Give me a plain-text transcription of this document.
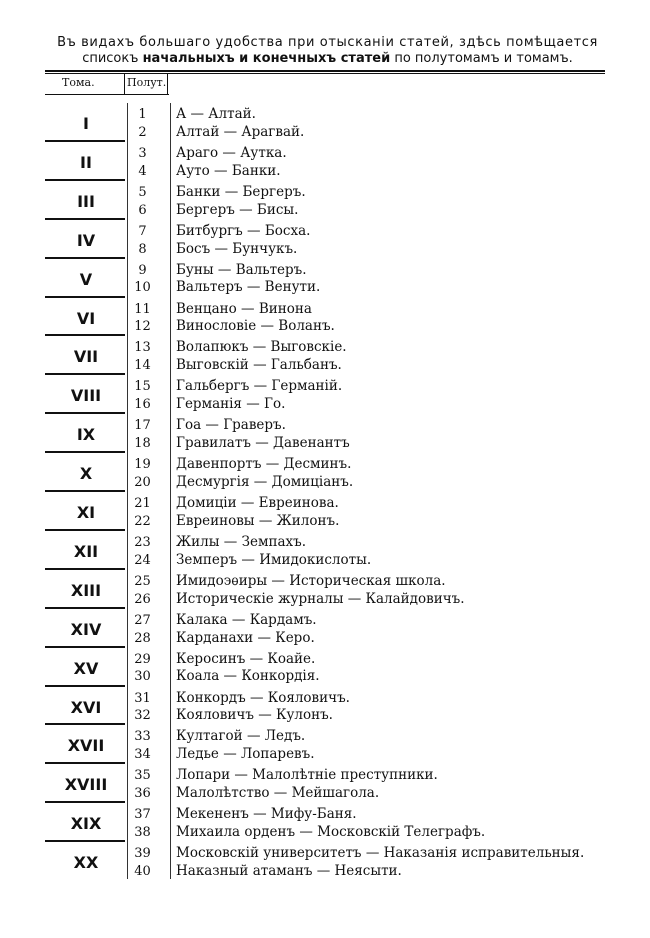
Въ видахъ большаго удобства при отысканіи статей, здѣсь помѣщается
списокъ начальныхъ и конечныхъ статей по полутомамъ и томамъ.
Тома.	Полут.
I	1	А — Алтай.
2	Алтай — Арагвай.
II	3	Араго — Аутка.
4	Ауто — Банки.
III	5	Банки — Бергеръ.
6	Бергеръ — Бисы.
IV	7	Битбургъ — Босха.
8	Босъ — Бунчукъ.
V	9	Буны — Вальтеръ.
10	Вальтеръ — Венути.
VI	11	Венцано — Винона
12	Винословіе — Воланъ.
VII	13	Волапюкъ — Выговскіе.
14	Выговскій — Гальбанъ.
VIII	15	Гальбергъ — Германій.
16	Германія — Го.
IX	17	Гоа — Граверъ.
18	Гравилатъ — Давенантъ
X	19	Давенпортъ — Десминъ.
20	Десмургія — Домиціанъ.
XI	21	Домиціи — Евреинова.
22	Евреиновы — Жилонъ.
XII	23	Жилы — Земпахъ.
24	Земперъ — Имидокислоты.
XIII	25	Имидоэѳиры — Историческая школа.
26	Историческіе журналы — Калайдовичъ.
XIV	27	Калака — Кардамъ.
28	Карданахи — Керо.
XV	29	Керосинъ — Коайе.
30	Коала — Конкордія.
XVI	31	Конкордъ — Кояловичъ.
32	Кояловичъ — Кулонъ.
XVII	33	Култагой — Ледъ.
34	Ледье — Лопаревъ.
XVIII	35	Лопари — Малолѣтніе преступники.
36	Малолѣтство — Мейшагола.
XIX	37	Мекененъ — Мифу-Баня.
38	Михаила орденъ — Московскій Телеграфъ.
XX	39	Московскій университетъ — Наказанія исправительныя.
40	Наказный атаманъ — Неясыти.
